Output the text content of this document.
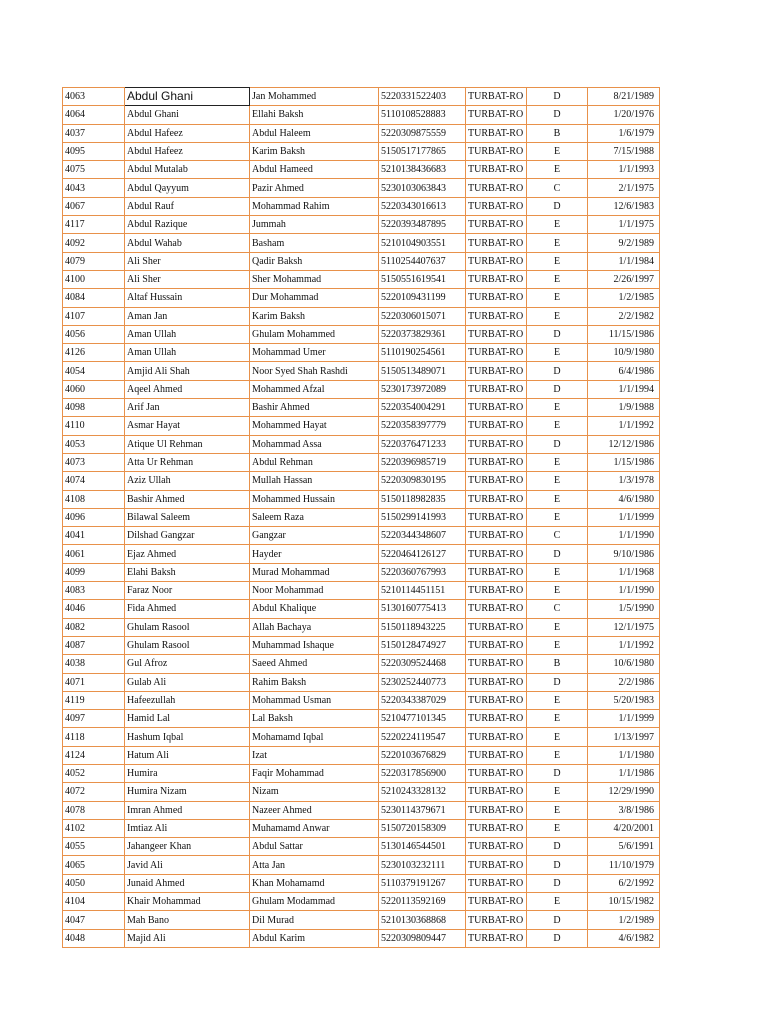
4063	Abdul Ghani	Jan Mohammed	5220331522403	TURBAT-RO	D	8/21/1989
4064	Abdul Ghani	Ellahi Baksh	5110108528883	TURBAT-RO	D	1/20/1976
4037	Abdul Hafeez	Abdul Haleem	5220309875559	TURBAT-RO	B	1/6/1979
4095	Abdul Hafeez	Karim Baksh	5150517177865	TURBAT-RO	E	7/15/1988
4075	Abdul Mutalab	Abdul Hameed	5210138436683	TURBAT-RO	E	1/1/1993
4043	Abdul Qayyum	Pazir Ahmed	5230103063843	TURBAT-RO	C	2/1/1975
4067	Abdul Rauf	Mohammad Rahim	5220343016613	TURBAT-RO	D	12/6/1983
4117	Abdul Razique	Jummah	5220393487895	TURBAT-RO	E	1/1/1975
4092	Abdul Wahab	Basham	5210104903551	TURBAT-RO	E	9/2/1989
4079	Ali Sher	Qadir Baksh	5110254407637	TURBAT-RO	E	1/1/1984
4100	Ali Sher	Sher Mohammad	5150551619541	TURBAT-RO	E	2/26/1997
4084	Altaf Hussain	Dur Mohammad	5220109431199	TURBAT-RO	E	1/2/1985
4107	Aman Jan	Karim Baksh	5220306015071	TURBAT-RO	E	2/2/1982
4056	Aman Ullah	Ghulam Mohammed	5220373829361	TURBAT-RO	D	11/15/1986
4126	Aman Ullah	Mohammad Umer	5110190254561	TURBAT-RO	E	10/9/1980
4054	Amjid Ali Shah	Noor Syed Shah Rashdi	5150513489071	TURBAT-RO	D	6/4/1986
4060	Aqeel Ahmed	Mohammed Afzal	5230173972089	TURBAT-RO	D	1/1/1994
4098	Arif Jan	Bashir Ahmed	5220354004291	TURBAT-RO	E	1/9/1988
4110	Asmar Hayat	Mohammed Hayat	5220358397779	TURBAT-RO	E	1/1/1992
4053	Atique Ul Rehman	Mohammad Assa	5220376471233	TURBAT-RO	D	12/12/1986
4073	Atta Ur Rehman	Abdul Rehman	5220396985719	TURBAT-RO	E	1/15/1986
4074	Aziz Ullah	Mullah Hassan	5220309830195	TURBAT-RO	E	1/3/1978
4108	Bashir Ahmed	Mohammed Hussain	5150118982835	TURBAT-RO	E	4/6/1980
4096	Bilawal Saleem	Saleem Raza	5150299141993	TURBAT-RO	E	1/1/1999
4041	Dilshad Gangzar	Gangzar	5220344348607	TURBAT-RO	C	1/1/1990
4061	Ejaz Ahmed	Hayder	5220464126127	TURBAT-RO	D	9/10/1986
4099	Elahi Baksh	Murad Mohammad	5220360767993	TURBAT-RO	E	1/1/1968
4083	Faraz Noor	Noor Mohammad	5210114451151	TURBAT-RO	E	1/1/1990
4046	Fida Ahmed	Abdul Khalique	5130160775413	TURBAT-RO	C	1/5/1990
4082	Ghulam Rasool	Allah Bachaya	5150118943225	TURBAT-RO	E	12/1/1975
4087	Ghulam Rasool	Muhammad Ishaque	5150128474927	TURBAT-RO	E	1/1/1992
4038	Gul Afroz	Saeed Ahmed	5220309524468	TURBAT-RO	B	10/6/1980
4071	Gulab Ali	Rahim Baksh	5230252440773	TURBAT-RO	D	2/2/1986
4119	Hafeezullah	Mohammad Usman	5220343387029	TURBAT-RO	E	5/20/1983
4097	Hamid Lal	Lal Baksh	5210477101345	TURBAT-RO	E	1/1/1999
4118	Hashum Iqbal	Mohamamd Iqbal	5220224119547	TURBAT-RO	E	1/13/1997
4124	Hatum Ali	Izat	5220103676829	TURBAT-RO	E	1/1/1980
4052	Humira	Faqir Mohammad	5220317856900	TURBAT-RO	D	1/1/1986
4072	Humira Nizam	Nizam	5210243328132	TURBAT-RO	E	12/29/1990
4078	Imran Ahmed	Nazeer Ahmed	5230114379671	TURBAT-RO	E	3/8/1986
4102	Imtiaz Ali	Muhamamd Anwar	5150720158309	TURBAT-RO	E	4/20/2001
4055	Jahangeer Khan	Abdul Sattar	5130146544501	TURBAT-RO	D	5/6/1991
4065	Javid Ali	Atta Jan	5230103232111	TURBAT-RO	D	11/10/1979
4050	Junaid Ahmed	Khan Mohamamd	5110379191267	TURBAT-RO	D	6/2/1992
4104	Khair Mohammad	Ghulam Modammad	5220113592169	TURBAT-RO	E	10/15/1982
4047	Mah Bano	Dil Murad	5210130368868	TURBAT-RO	D	1/2/1989
4048	Majid Ali	Abdul Karim	5220309809447	TURBAT-RO	D	4/6/1982
